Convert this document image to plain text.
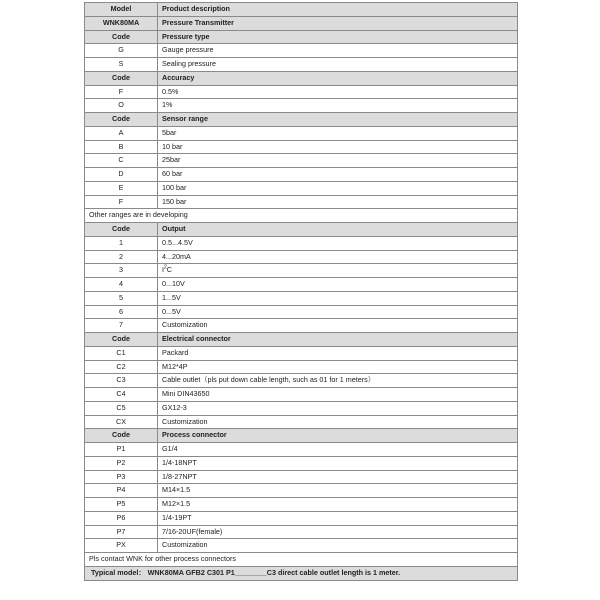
Model	Product description
WNK80MA	Pressure Transmitter
Code	Pressure type
G	Gauge pressure
S	Sealing pressure
Code	Accuracy
F	0.5%
O	1%
Code	Sensor range
A	5bar
B	10 bar
C	25bar
D	60 bar
E	100 bar
F	150 bar
Other ranges are in developing	
Code	Output
1	0.5...4.5V
2	4...20mA
3	$I^2C$
4	0...10V
5	1...5V
6	0...5V
7	Customization
Code	Electrical connector
C1	Packard
C2	M12*4P
C3	Cable outlet（pls put down cable length, such as 01 for 1 meters）
C4	Mini DIN43650
C5	GX12-3
CX	Customization
Code	Process connector
P1	G1/4
P2	1/4-18NPT
P3	1/8-27NPT
P4	M14×1.5
P5	M12×1.5
P6	1/4-19PT
P7	7/16-20UF(female)
PX	Customization
Pls contact WNK for other process connectors	
Typical model： WNK80MA GFB2 C301 P1________C3 direct cable outlet length is 1 meter.	
